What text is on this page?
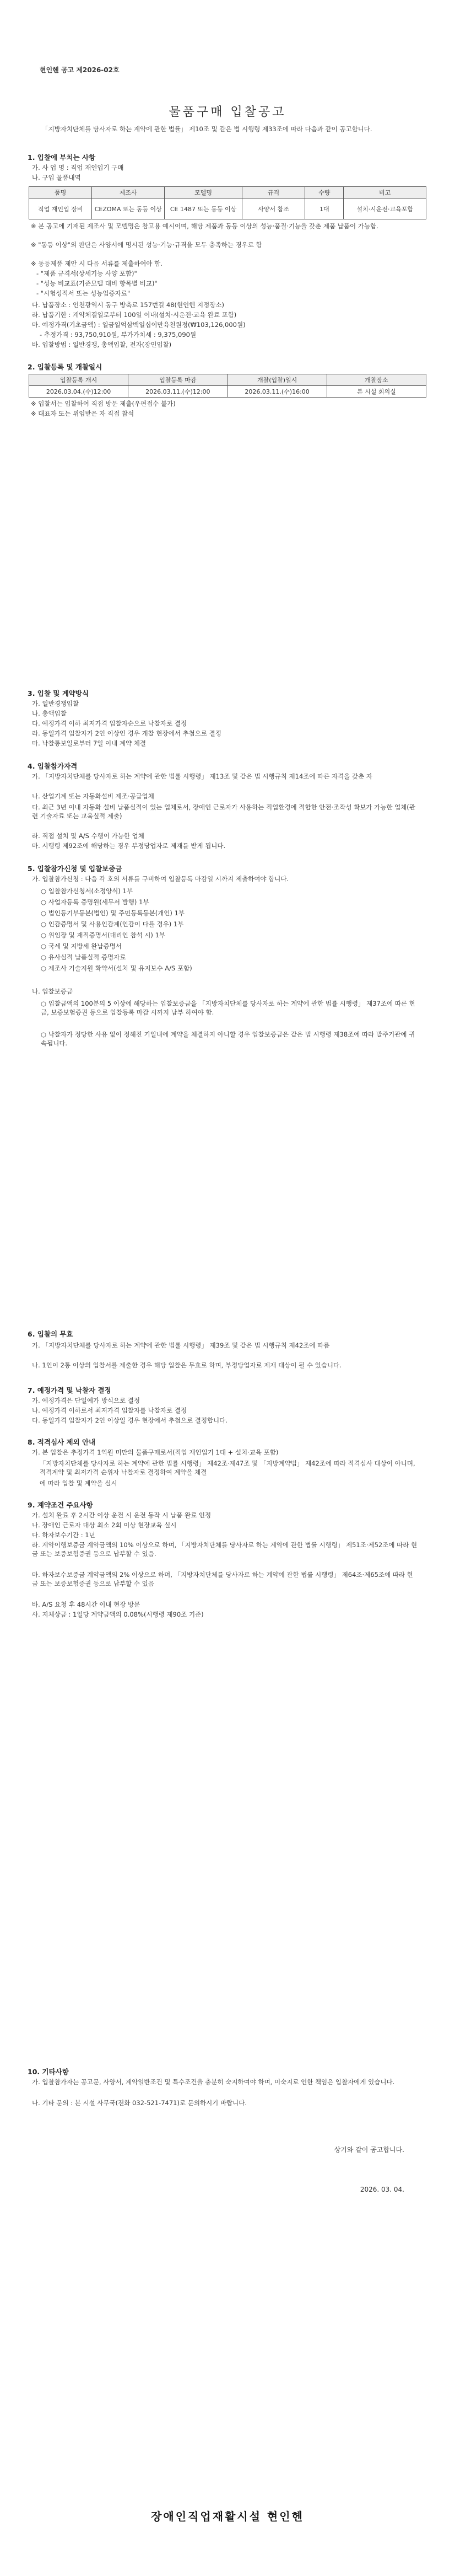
현인헨 공고 제2026-02호
물품구매 입찰공고
「지방자치단체를 당사자로 하는 계약에 관한 법률」 제10조 및 같은 법 시행령 제33조에 따라 다음과 같이 공고합니다.
1. 입찰에 부치는 사항
가. 사 업 명 : 직업 재인입기 구매
나. 구입 물품내역
품명	제조사	모델명	규격	수량	비고
직업 재인입 장비	CEZOMA 또는 동등 이상	CE 1487 또는 동등 이상	사양서 참조	1대	설치·시운전·교육포함
※ 본 공고에 기재된 제조사 및 모델명은 참고용 예시이며, 해당 제품과 동등 이상의 성능·품질·기능을 갖춘 제품 납품이 가능함.
※ "동등 이상"의 판단은 사양서에 명시된 성능·기능·규격을 모두 충족하는 경우로 함
※ 동등제품 제안 시 다음 서류를 제출하여야 함.
- "제품 규격서(상세기능 사양 포함)"
- "성능 비교표(기준모델 대비 항목별 비교)"
- "시험성적서 또는 성능입증자료"
다. 납품장소 : 인천광역시 동구 방축로 157번길 48(현인헨 지정장소)
라. 납품기한 : 계약체결일로부터 100일 이내(설치·시운전·교육 완료 포함)
마. 예정가격(기초금액) : 일금일억삼백일십이만육천원정(₩103,126,000원)
- 추정가격 : 93,750,910원, 부가가치세 : 9,375,090원
바. 입찰방법 : 일반경쟁, 총액입찰, 전자(장인입찰)
2. 입찰등록 및 개찰일시
입찰등록 개시	입찰등록 마감	개찰(입찰)일시	개찰장소
2026.03.04.(수)12:00	2026.03.11.(수)12:00	2026.03.11.(수)16:00	본 시설 회의실
※ 입찰서는 입찰하여 직접 방문 제출(우편접수 불가)
※ 대표자 또는 위임받은 자 직접 참석
3. 입찰 및 계약방식
가. 일반경쟁입찰
나. 총액입찰
다. 예정가격 이하 최저가격 입찰자순으로 낙찰자로 결정
라. 동일가격 입찰자가 2인 이상인 경우 개찰 현장에서 추첨으로 결정
마. 낙찰통보일로부터 7일 이내 계약 체결
4. 입찰참가자격
가. 「지방자치단체를 당사자로 하는 계약에 관한 법률 시행령」 제13조 및 같은 법 시행규칙 제14조에 따른 자격을 갖춘 자
나. 산업기계 또는 자동화설비 제조·공급업체
다. 최근 3년 이내 자동화 설비 납품실적이 있는 업체로서, 장애인 근로자가 사용하는 직업환경에 적합한 안전·조작성 확보가 가능한 업체(관련 기술자료 또는 교육실적 제출)
라. 직접 설치 및 A/S 수행이 가능한 업체
마. 시행령 제92조에 해당하는 경우 부정당업자로 제재를 받게 됩니다.
5. 입찰참가신청 및 입찰보증금
가. 입찰참가신청 : 다음 각 호의 서류를 구비하여 입찰등록 마감일 시까지 제출하여야 합니다.
○ 입찰참가신청서(소정양식) 1부
○ 사업자등록 증명원(세무서 발행) 1부
○ 법인등기부등본(법인) 및 주민등록등본(개인) 1부
○ 인감증명서 및 사용인감계(인감이 다를 경우) 1부
○ 위임장 및 재직증명서(대리인 참석 시) 1부
○ 국세 및 지방세 완납증명서
○ 유사실적 납품실적 증명자료
○ 제조사 기술지원 확약서(설치 및 유지보수 A/S 포함)
나. 입찰보증금
○ 입찰금액의 100분의 5 이상에 해당하는 입찰보증금을 「지방자치단체를 당사자로 하는 계약에 관한 법률 시행령」 제37조에 따른 현금, 보증보험증권 등으로 입찰등록 마감 시까지 납부 하여야 함.
○ 낙찰자가 정당한 사유 없이 정해진 기일내에 계약을 체결하지 아니할 경우 입찰보증금은 같은 법 시행령 제38조에 따라 발주기관에 귀속됩니다.
6. 입찰의 무효
가. 「지방자치단체를 당사자로 하는 계약에 관한 법률 시행령」 제39조 및 같은 법 시행규칙 제42조에 따름
나. 1인이 2통 이상의 입찰서를 제출한 경우 해당 입찰은 무효로 하며, 부정당업자로 제재 대상이 될 수 있습니다.
7. 예정가격 및 낙찰자 결정
가. 예정가격은 단일예가 방식으로 결정
나. 예정가격 이하로서 최저가격 입찰자를 낙찰자로 결정
다. 동일가격 입찰자가 2인 이상일 경우 현장에서 추첨으로 결정합니다.
8. 적격심사 제외 안내
가. 본 입찰은 추정가격 1억원 미만의 물품구매로서(직업 재인입기 1대 + 설치·교육 포함)
「지방자치단체를 당사자로 하는 계약에 관한 법률 시행령」 제42조·제47조 및 「지방계약법」 제42조에 따라 적격심사 대상이 아니며, 적격계약 및 최저가격 순위자 낙찰자로 결정하여 계약을 체결
에 따라 입찰 및 계약을 실시
9. 계약조건 주요사항
가. 설치 완료 후 2시간 이상 운전 시 운전 동작 시 납품 완료 인정
나. 장애인 근로자 대상 최소 2회 이상 현장교육 실시
다. 하자보수기간 : 1년
라. 계약이행보증금 계약금액의 10% 이상으로 하며, 「지방자치단체를 당사자로 하는 계약에 관한 법률 시행령」 제51조·제52조에 따라 현금 또는 보증보험증권 등으로 납부할 수 있음.
마. 하자보수보증금 계약금액의 2% 이상으로 하며, 「지방자치단체를 당사자로 하는 계약에 관한 법률 시행령」 제64조·제65조에 따라 현금 또는 보증보험증권 등으로 납부할 수 있음
바. A/S 요청 후 48시간 이내 현장 방문
사. 지체상금 : 1일당 계약금액의 0.08%(시행령 제90조 기준)
10. 기타사항
가. 입찰참가자는 공고문, 사양서, 계약일반조건 및 특수조건을 충분히 숙지하여야 하며, 미숙지로 인한 책임은 입찰자에게 있습니다.
나. 기타 문의 : 본 시설 사무국(전화 032-521-7471)로 문의하시기 바랍니다.
상기와 같이 공고합니다.
2026. 03. 04.
장애인직업재활시설 현인헨
